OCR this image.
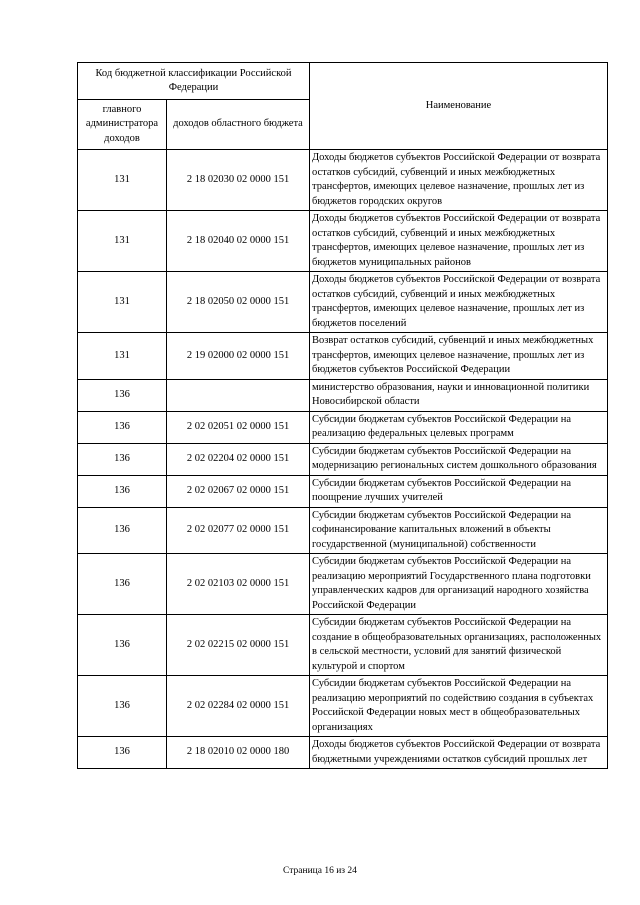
Код бюджетной классификации Российской Федерации		Наименование
главного администратора доходов	доходов областного бюджета	
131	2 18 02030 02 0000 151	Доходы бюджетов субъектов Российской Федерации от возврата остатков субсидий, субвенций и иных межбюджетных трансфертов, имеющих целевое назначение, прошлых лет из бюджетов городских округов
131	2 18 02040 02 0000 151	Доходы бюджетов субъектов Российской Федерации от возврата остатков субсидий, субвенций и иных межбюджетных трансфертов, имеющих целевое назначение, прошлых лет из бюджетов муниципальных районов
131	2 18 02050 02 0000 151	Доходы бюджетов субъектов Российской Федерации от возврата остатков субсидий, субвенций и иных межбюджетных трансфертов, имеющих целевое назначение, прошлых лет из бюджетов поселений
131	2 19 02000 02 0000 151	Возврат остатков субсидий, субвенций и иных межбюджетных трансфертов, имеющих целевое назначение, прошлых лет из бюджетов субъектов Российской Федерации
136		министерство образования, науки и инновационной политики Новосибирской области
136	2 02 02051 02 0000 151	Субсидии бюджетам субъектов Российской Федерации на реализацию федеральных целевых программ
136	2 02 02204 02 0000 151	Субсидии бюджетам субъектов Российской Федерации на модернизацию региональных систем дошкольного образования
136	2 02 02067 02 0000 151	Субсидии бюджетам субъектов Российской Федерации на поощрение лучших учителей
136	2 02 02077 02 0000 151	Субсидии бюджетам субъектов Российской Федерации на софинансирование капитальных вложений в объекты государственной (муниципальной) собственности
136	2 02 02103 02 0000 151	Субсидии бюджетам субъектов Российской Федерации на реализацию мероприятий Государственного плана подготовки управленческих кадров для организаций народного хозяйства Российской Федерации
136	2 02 02215 02 0000 151	Субсидии бюджетам субъектов Российской Федерации на создание в общеобразовательных организациях, расположенных в сельской местности, условий для занятий физической культурой и спортом
136	2 02 02284 02 0000 151	Субсидии бюджетам субъектов Российской Федерации на реализацию мероприятий по содействию создания в субъектах Российской Федерации новых мест в общеобразовательных организациях
136	2 18 02010 02 0000 180	Доходы бюджетов субъектов Российской Федерации от возврата бюджетными учреждениями остатков субсидий прошлых лет
Страница 16 из 24
